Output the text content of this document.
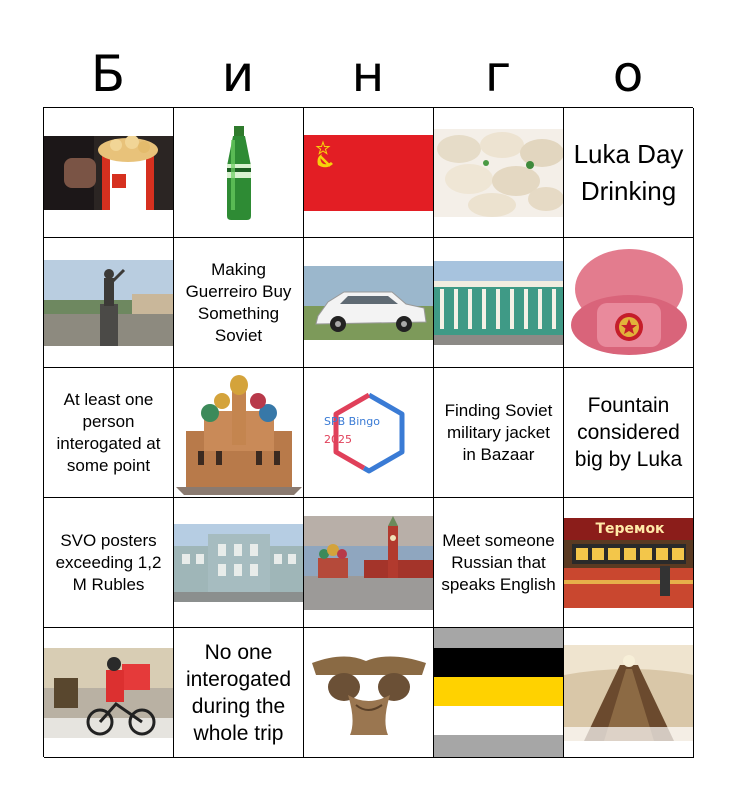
Б	и	н	г	о
Luka Day Drinking
Making Guerreiro Buy Something Soviet
At least one person interogated at some point
SPB Bingo
2025
Finding Soviet military jacket in Bazaar
Fountain considered big by Luka
SVO posters exceeding 1,2 M Rubles
Meet someone Russian that speaks English
Теремок
No one interogated during the whole trip
